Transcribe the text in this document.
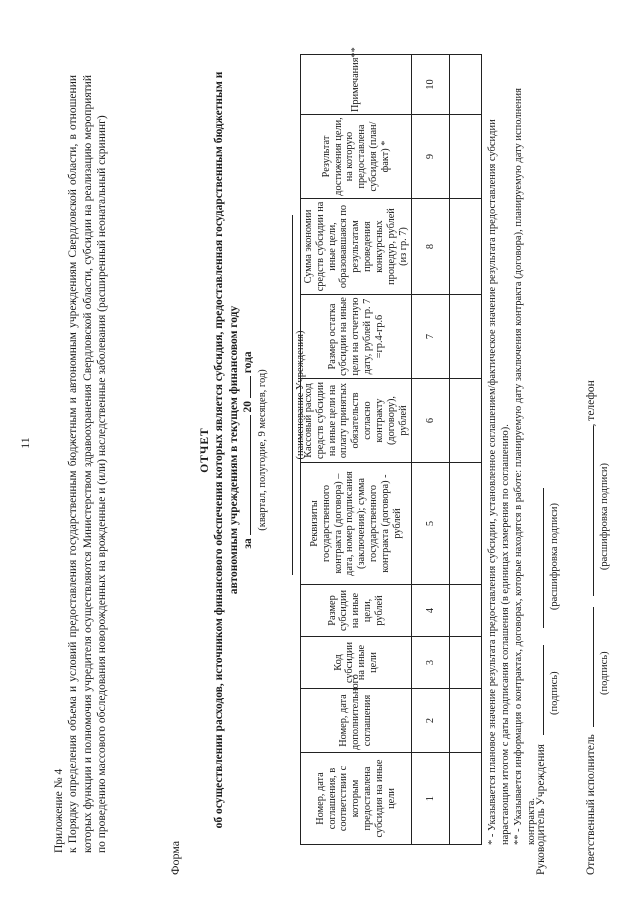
11
Приложение № 4 к Порядку определения объема и условий предоставления государственным бюджетным и автономным учреждениям Свердловской области, в отношении которых функции и полномочия учредителя осуществляются Министерством здравоохранения Свердловской области, субсидии на реализацию мероприятий по проведению массового обследования новорожденных на врожденные и (или) наследственные заболевания (расширенный неонатальный скрининг)
Форма
ОТЧЕТ об осуществлении расходов, источником финансового обеспечения которых является субсидия, предоставленная государственным бюджетным и автономным учреждениям в текущем финансовом году за  20  года
(квартал, полугодие, 9 месяцев, год)	(наименование Учреждения)
Номер, дата соглашения, в соответствии с которым предоставлена субсидия на иные цели	Номер, дата дополнительного соглашения	Код субсидии на иные цели	Размер субсидии на иные цели, рублей	Реквизиты государственного контракта (договора) – дата, номер подписания (заключения); сумма государственного контракта (договора) - рублей	Кассовый расход средств субсидии на иные цели на оплату принятых обязательств согласно контракту (договору), рублей	Размер остатка субсидии на иные цели на отчетную дату, рублей гр. 7 =гр.4-гр.6	Сумма экономии средств субсидии на иные цели, образовавшаяся по результатам проведения конкурсных процедур, рублей (из гр. 7)	Результат достижения цели, на которую предоставлена субсидия (план/факт) *	Примечания**
1	2	3	4	5	6	7	8	9	10

* - Указывается плановое значение результата предоставления субсидии, установленное соглашением/фактическое значение результата предоставления субсидии нарастающим итогом с даты подписания соглашения (в единицах измерения по соглашению). ** - Указывается информация о контрактах, договорах, которые находятся в работе: планируемую дату заключения контракта (договора), планируемую дату исполнения контракта.
Руководитель Учреждения
(подпись)  (расшифровка подписи)
Ответственный исполнитель  , телефон
(подпись)  (расшифровка подписи)
